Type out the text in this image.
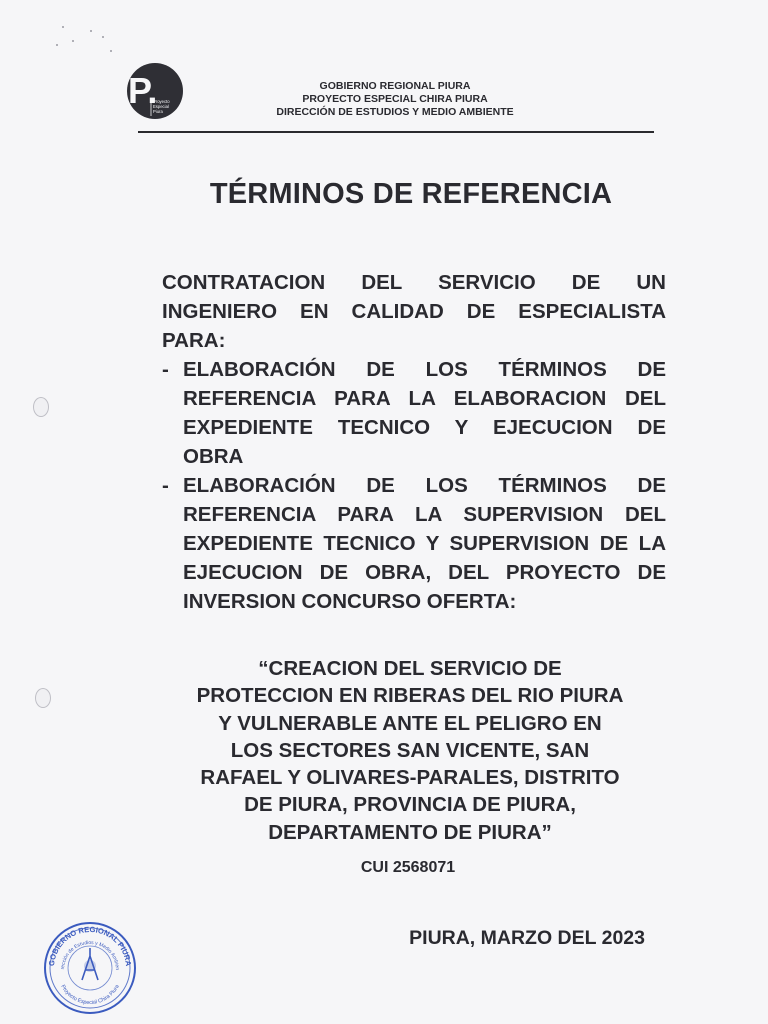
P.
Proyecto
Especial
Piura
GOBIERNO REGIONAL PIURA
PROYECTO ESPECIAL CHIRA PIURA
DIRECCIÓN DE ESTUDIOS Y MEDIO AMBIENTE
TÉRMINOS DE REFERENCIA

CONTRATACION DEL SERVICIO DE UN

INGENIERO EN CALIDAD DE ESPECIALISTA

PARA:

- ELABORACIÓN DE LOS TÉRMINOS DE
REFERENCIA PARA LA ELABORACION DEL
EXPEDIENTE TECNICO Y EJECUCION DE
OBRA
- ELABORACIÓN DE LOS TÉRMINOS DE
REFERENCIA PARA LA SUPERVISION DEL
EXPEDIENTE TECNICO Y SUPERVISION DE LA
EJECUCION DE OBRA, DEL PROYECTO DE
INVERSION CONCURSO OFERTA:
“CREACION DEL SERVICIO DE
PROTECCION EN RIBERAS DEL RIO PIURA
Y VULNERABLE ANTE EL PELIGRO EN
LOS SECTORES SAN VICENTE, SAN
RAFAEL Y OLIVARES-PARALES, DISTRITO
DE PIURA, PROVINCIA DE PIURA,
DEPARTAMENTO DE PIURA”
CUI 2568071
PIURA, MARZO DEL 2023
GOBIERNO REGIONAL PIURA
rección de Estudios y Medio Ambien
Proyecto Especial Chira Piura
